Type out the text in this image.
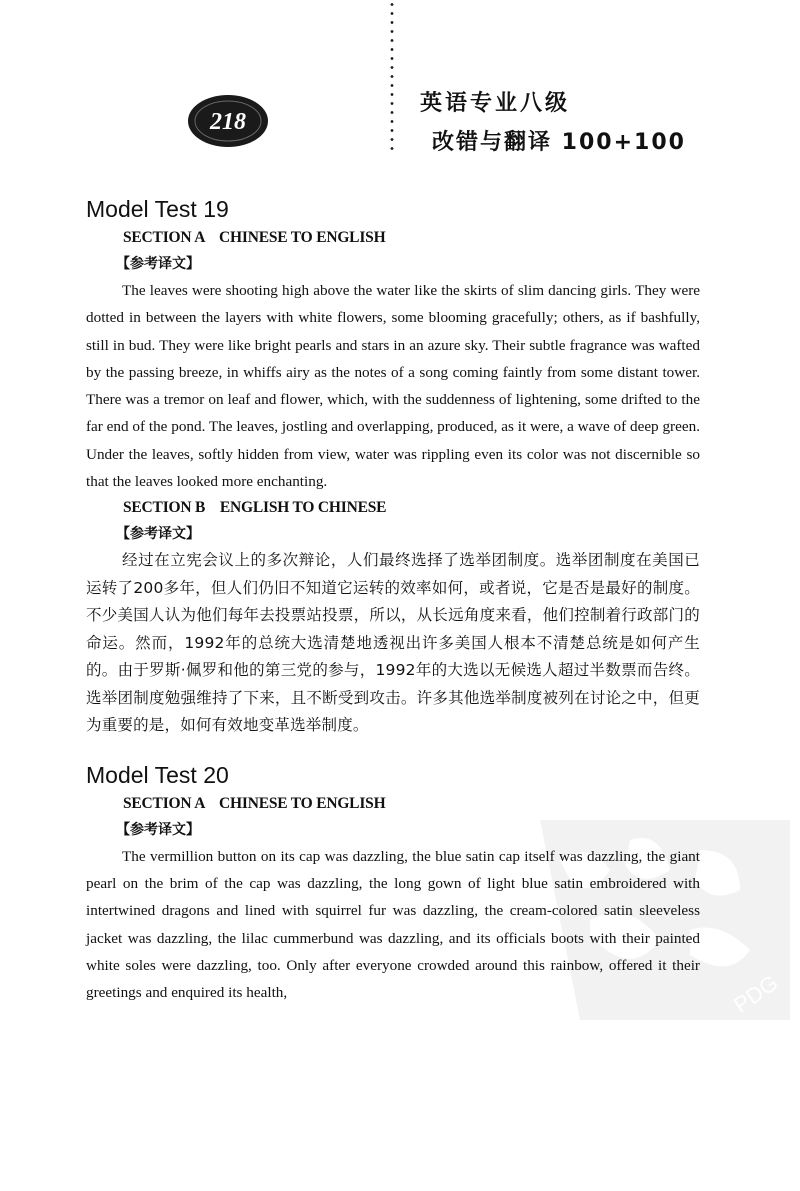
218
英语专业八级
改错与翻译 100+100
PDG
Model Test 19
SECTION A    CHINESE TO ENGLISH
【参考译文】

The leaves were shooting high above the water like the skirts of slim dancing girls. They were dotted in between the layers with white flowers, some blooming gracefully; others, as if bashfully, still in bud. They were like bright pearls and stars in an azure sky. Their subtle fragrance was wafted by the passing breeze, in whiffs airy as the notes of a song coming faintly from some distant tower. There was a tremor on leaf and flower, which, with the suddenness of lightening, some drifted to the far end of the pond. The leaves, jostling and overlapping, produced, as it were, a wave of deep green. Under the leaves, softly hidden from view, water was rippling even its color was not discernible so that the leaves looked more enchanting.

SECTION B    ENGLISH TO CHINESE
【参考译文】

经过在立宪会议上的多次辩论，人们最终选择了选举团制度。选举团制度在美国已运转了200多年，但人们仍旧不知道它运转的效率如何，或者说，它是否是最好的制度。不少美国人认为他们每年去投票站投票，所以，从长远角度来看，他们控制着行政部门的命运。然而，1992年的总统大选清楚地透视出许多美国人根本不清楚总统是如何产生的。由于罗斯·佩罗和他的第三党的参与，1992年的大选以无候选人超过半数票而告终。选举团制度勉强维持了下来，且不断受到攻击。许多其他选举制度被列在讨论之中，但更为重要的是，如何有效地变革选举制度。

Model Test 20
SECTION A    CHINESE TO ENGLISH
【参考译文】

The vermillion button on its cap was dazzling, the blue satin cap itself was dazzling, the giant pearl on the brim of the cap was dazzling, the long gown of light blue satin embroidered with intertwined dragons and lined with squirrel fur was dazzling, the cream-colored satin sleeveless jacket was dazzling, the lilac cummerbund was dazzling, and its officials boots with their painted white soles were dazzling, too. Only after everyone crowded around this rainbow, offered it their greetings and enquired its health,
